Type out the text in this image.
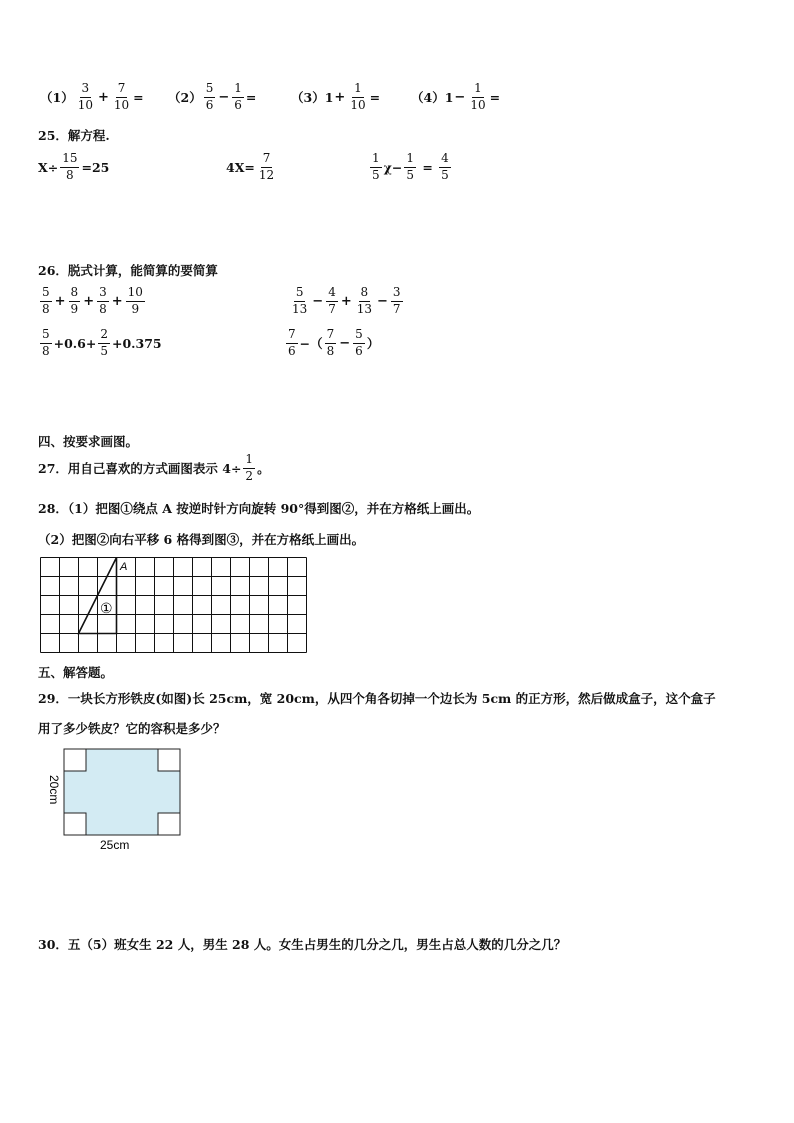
$(1) \frac{3}{10} + \frac{7}{10} = (2) \frac{5}{6} - \frac{1}{6}$ =	（3） $1 + \frac{1}{10} = (4) 1 - \frac{1}{10}$ =
25．解方程.
$X\div \frac{15}{8} =25$	$4X= \frac{7}{12}$	$\frac{1}{5} \chi- \frac{1}{5} = \frac{4}{5}$
26．脱式计算，能简算的要简算
$\frac{5}{8} + \frac{8}{9} + \frac{3}{8} + \frac{10}{9}$	$\frac{5}{13} - \frac{4}{7} + \frac{8}{13} - \frac{3}{7}$
$\frac{5}{8} +0.6+ \frac{2}{5} +0.375$	$\frac{7}{6}$ −（ $\frac{7}{8} - \frac{5}{6}$ ）
四、按要求画图。
27．用自己喜欢的方式画图表示 $4\div \frac{1}{2}$ 。
28．（1）把图①绕点 A 按逆时针方向旋转 90°得到图②，并在方格纸上画出。
（2）把图②向右平移 6 格得到图③，并在方格纸上画出。
A
①
五、解答题。
29．一块长方形铁皮(如图)长 25cm，宽 20cm，从四个角各切掉一个边长为 5cm 的正方形，然后做成盒子，这个盒子
用了多少铁皮？它的容积是多少？
25cm
20cm
30．五（5）班女生 22 人，男生 28 人。女生占男生的几分之几，男生占总人数的几分之几？
